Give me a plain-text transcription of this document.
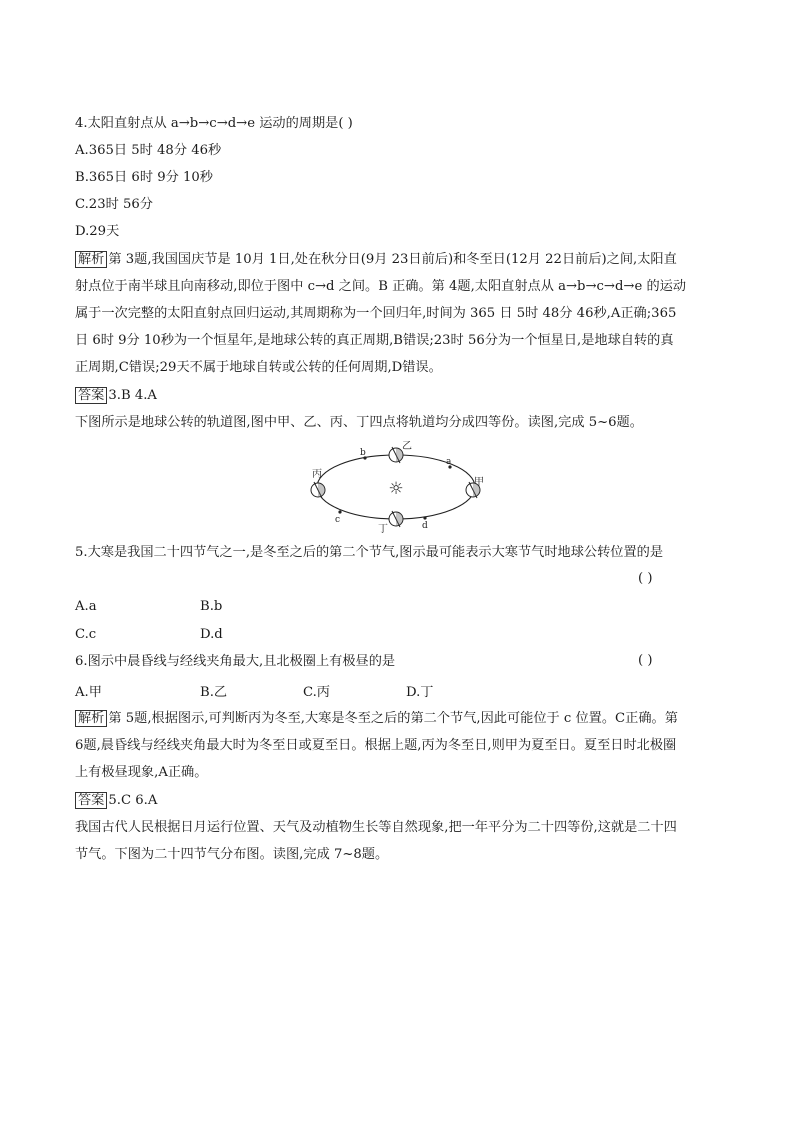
4.太阳直射点从 a→b→c→d→e 运动的周期是( )
A.365日 5时 48分 46秒
B.365日 6时 9分 10秒
C.23时 56分
D.29天
解析 第 3题,我国国庆节是 10月 1日,处在秋分日(9月 23日前后)和冬至日(12月 22日前后)之间,太阳直
射点位于南半球且向南移动,即位于图中 c→d 之间。B 正确。第 4题,太阳直射点从 a→b→c→d→e 的运动
属于一次完整的太阳直射点回归运动,其周期称为一个回归年,时间为 365 日 5时 48分 46秒,A正确;365
日 6时 9分 10秒为一个恒星年,是地球公转的真正周期,B错误;23时 56分为一个恒星日,是地球自转的真
正周期,C错误;29天不属于地球自转或公转的任何周期,D错误。
答案 3.B 4.A
下图所示是地球公转的轨道图,图中甲、乙、丙、丁四点将轨道均分成四等份。读图,完成 5~6题。
☼
乙
丁
丙
甲
a
b
c
d
5.大寒是我国二十四节气之一,是冬至之后的第二个节气,图示最可能表示大寒节气时地球公转位置的是
( )
A.a	B.b
C.c	D.d
6.图示中晨昏线与经线夹角最大,且北极圈上有极昼的是	( )
A.甲	B.乙	C.丙	D.丁
解析 第 5题,根据图示,可判断丙为冬至,大寒是冬至之后的第二个节气,因此可能位于 c 位置。C正确。第
6题,晨昏线与经线夹角最大时为冬至日或夏至日。根据上题,丙为冬至日,则甲为夏至日。夏至日时北极圈
上有极昼现象,A正确。
答案 5.C 6.A
我国古代人民根据日月运行位置、天气及动植物生长等自然现象,把一年平分为二十四等份,这就是二十四
节气。下图为二十四节气分布图。读图,完成 7~8题。
